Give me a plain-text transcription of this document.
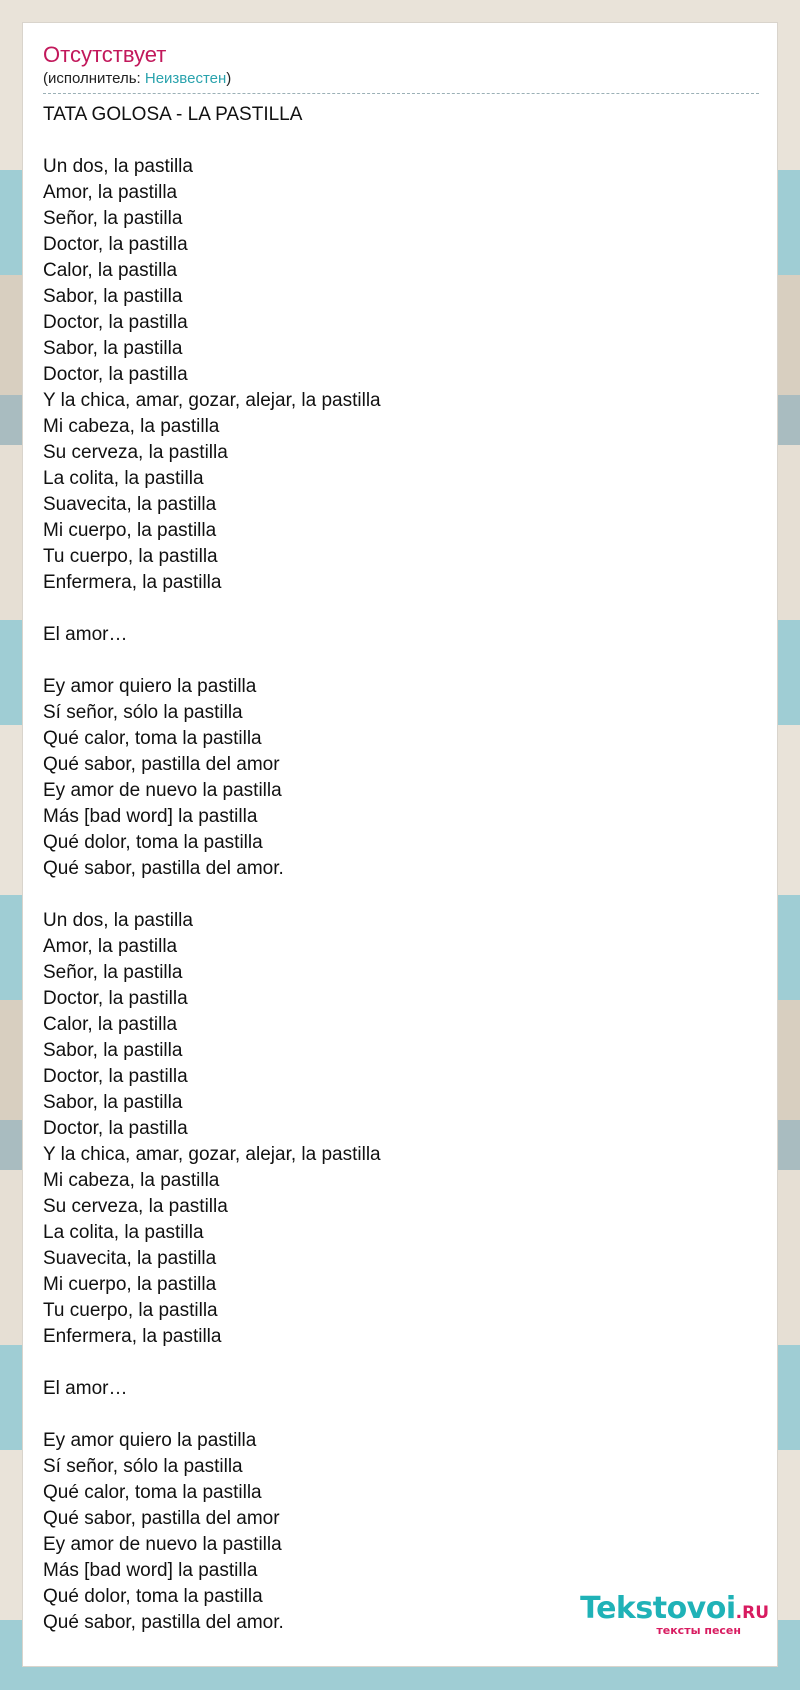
Отсутствует
(исполнитель: Неизвестен)
TATA GOLOSA - LA PASTILLA

Un dos, la pastilla
Amor, la pastilla
Señor, la pastilla
Doctor, la pastilla
Calor, la pastilla
Sabor, la pastilla
Doctor, la pastilla
Sabor, la pastilla
Doctor, la pastilla
Y la chica, amar, gozar, alejar, la pastilla
Mi cabeza, la pastilla
Su cerveza, la pastilla
La colita, la pastilla
Suavecita, la pastilla
Mi cuerpo, la pastilla
Tu cuerpo, la pastilla
Enfermera, la pastilla

El amor…

Ey amor quiero la pastilla
Sí señor, sólo la pastilla
Qué calor, toma la pastilla
Qué sabor, pastilla del amor
Ey amor de nuevo la pastilla
Más [bad word] la pastilla
Qué dolor, toma la pastilla
Qué sabor, pastilla del amor.

Un dos, la pastilla
Amor, la pastilla
Señor, la pastilla
Doctor, la pastilla
Calor, la pastilla
Sabor, la pastilla
Doctor, la pastilla
Sabor, la pastilla
Doctor, la pastilla
Y la chica, amar, gozar, alejar, la pastilla
Mi cabeza, la pastilla
Su cerveza, la pastilla
La colita, la pastilla
Suavecita, la pastilla
Mi cuerpo, la pastilla
Tu cuerpo, la pastilla
Enfermera, la pastilla

El amor…

Ey amor quiero la pastilla
Sí señor, sólo la pastilla
Qué calor, toma la pastilla
Qué sabor, pastilla del amor
Ey amor de nuevo la pastilla
Más [bad word] la pastilla
Qué dolor, toma la pastilla
Qué sabor, pastilla del amor.	Tekstovoi.RU
тексты песен
